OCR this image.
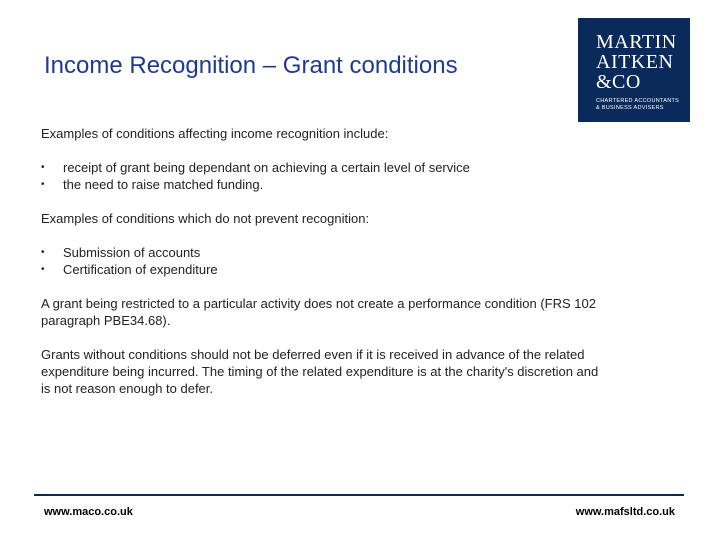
Income Recognition – Grant conditions
MARTIN
AITKEN
&CO
CHARTERED ACCOUNTANTS
& BUSINESS ADVISERS

Examples of conditions affecting income recognition include:

• receipt of grant being dependant on achieving a certain level of service
• the need to raise matched funding.

Examples of conditions which do not prevent recognition:

• Submission of accounts
• Certification of expenditure

A grant being restricted to a particular activity does not create a performance condition (FRS 102 paragraph PBE34.68).

Grants without conditions should not be deferred even if it is received in advance of the related expenditure being incurred. The timing of the related expenditure is at the charity's discretion and is not reason enough to defer.

www.maco.co.uk	www.mafsltd.co.uk
